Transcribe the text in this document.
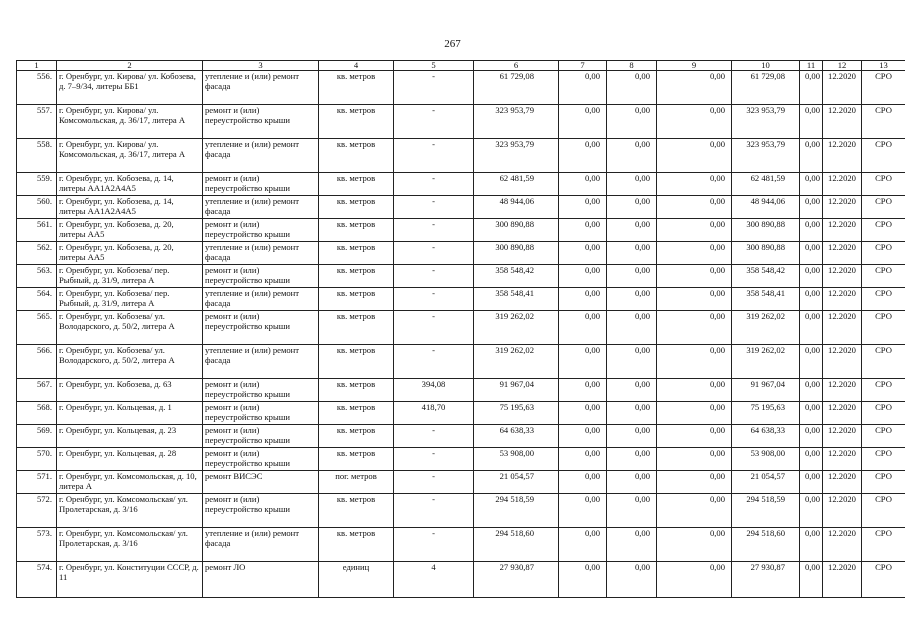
267
1	2	3	4	5	6	7	8	9	10	11	12	13
556.	г. Оренбург, ул. Кирова/ ул. Кобозева, д. 7–9/34, литеры ББ1	утепление и (или) ремонт фасада	кв. метров	-	61 729,08	0,00	0,00	0,00	61 729,08	0,00	12.2020	СРО
557.	г. Оренбург, ул. Кирова/ ул. Комсомольская, д. 36/17, литера А	ремонт и (или) переустройство крыши	кв. метров	-	323 953,79	0,00	0,00	0,00	323 953,79	0,00	12.2020	СРО
558.	г. Оренбург, ул. Кирова/ ул. Комсомольская, д. 36/17, литера А	утепление и (или) ремонт фасада	кв. метров	-	323 953,79	0,00	0,00	0,00	323 953,79	0,00	12.2020	СРО
559.	г. Оренбург, ул. Кобозева, д. 14, литеры АА1А2А4А5	ремонт и (или) переустройство крыши	кв. метров	-	62 481,59	0,00	0,00	0,00	62 481,59	0,00	12.2020	СРО
560.	г. Оренбург, ул. Кобозева, д. 14, литеры АА1А2А4А5	утепление и (или) ремонт фасада	кв. метров	-	48 944,06	0,00	0,00	0,00	48 944,06	0,00	12.2020	СРО
561.	г. Оренбург, ул. Кобозева, д. 20, литеры АА5	ремонт и (или) переустройство крыши	кв. метров	-	300 890,88	0,00	0,00	0,00	300 890,88	0,00	12.2020	СРО
562.	г. Оренбург, ул. Кобозева, д. 20, литеры АА5	утепление и (или) ремонт фасада	кв. метров	-	300 890,88	0,00	0,00	0,00	300 890,88	0,00	12.2020	СРО
563.	г. Оренбург, ул. Кобозева/ пер. Рыбный, д. 31/9, литера А	ремонт и (или) переустройство крыши	кв. метров	-	358 548,42	0,00	0,00	0,00	358 548,42	0,00	12.2020	СРО
564.	г. Оренбург, ул. Кобозева/ пер. Рыбный, д. 31/9, литера А	утепление и (или) ремонт фасада	кв. метров	-	358 548,41	0,00	0,00	0,00	358 548,41	0,00	12.2020	СРО
565.	г. Оренбург, ул. Кобозева/ ул. Володарского, д. 50/2, литера А	ремонт и (или) переустройство крыши	кв. метров	-	319 262,02	0,00	0,00	0,00	319 262,02	0,00	12.2020	СРО
566.	г. Оренбург, ул. Кобозева/ ул. Володарского, д. 50/2, литера А	утепление и (или) ремонт фасада	кв. метров	-	319 262,02	0,00	0,00	0,00	319 262,02	0,00	12.2020	СРО
567.	г. Оренбург, ул. Кобозева, д. 63	ремонт и (или) переустройство крыши	кв. метров	394,08	91 967,04	0,00	0,00	0,00	91 967,04	0,00	12.2020	СРО
568.	г. Оренбург, ул. Кольцевая, д. 1	ремонт и (или) переустройство крыши	кв. метров	418,70	75 195,63	0,00	0,00	0,00	75 195,63	0,00	12.2020	СРО
569.	г. Оренбург, ул. Кольцевая, д. 23	ремонт и (или) переустройство крыши	кв. метров	-	64 638,33	0,00	0,00	0,00	64 638,33	0,00	12.2020	СРО
570.	г. Оренбург, ул. Кольцевая, д. 28	ремонт и (или) переустройство крыши	кв. метров	-	53 908,00	0,00	0,00	0,00	53 908,00	0,00	12.2020	СРО
571.	г. Оренбург, ул. Комсомольская, д. 10, литера А	ремонт ВИСЭС	пог. метров	-	21 054,57	0,00	0,00	0,00	21 054,57	0,00	12.2020	СРО
572.	г. Оренбург, ул. Комсомольская/ ул. Пролетарская, д. 3/16	ремонт и (или) переустройство крыши	кв. метров	-	294 518,59	0,00	0,00	0,00	294 518,59	0,00	12.2020	СРО
573.	г. Оренбург, ул. Комсомольская/ ул. Пролетарская, д. 3/16	утепление и (или) ремонт фасада	кв. метров	-	294 518,60	0,00	0,00	0,00	294 518,60	0,00	12.2020	СРО
574.	г. Оренбург, ул. Конституции СССР, д. 11	ремонт ЛО	единиц	4	27 930,87	0,00	0,00	0,00	27 930,87	0,00	12.2020	СРО
